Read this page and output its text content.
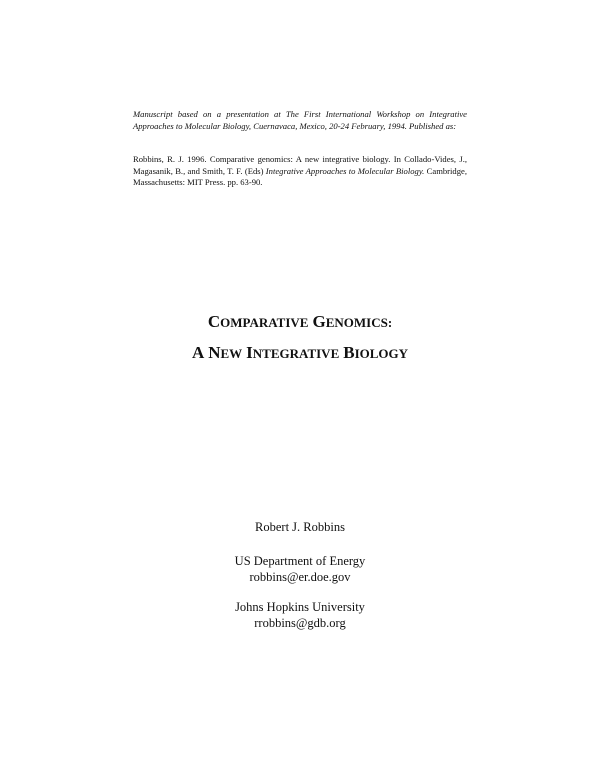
Manuscript based on a presentation at The First International Workshop on Integrative Approaches to Molecular Biology, Cuernavaca, Mexico, 20-24 February, 1994. Published as:
Robbins, R. J. 1996. Comparative genomics: A new integrative biology. In Collado-Vides, J., Magasanik, B., and Smith, T. F. (Eds) Integrative Approaches to Molecular Biology. Cambridge, Massachusetts: MIT Press. pp. 63-90.
COMPARATIVE GENOMICS:
A NEW INTEGRATIVE BIOLOGY
Robert J. Robbins
US Department of Energy
robbins@er.doe.gov
Johns Hopkins University
rrobbins@gdb.org
